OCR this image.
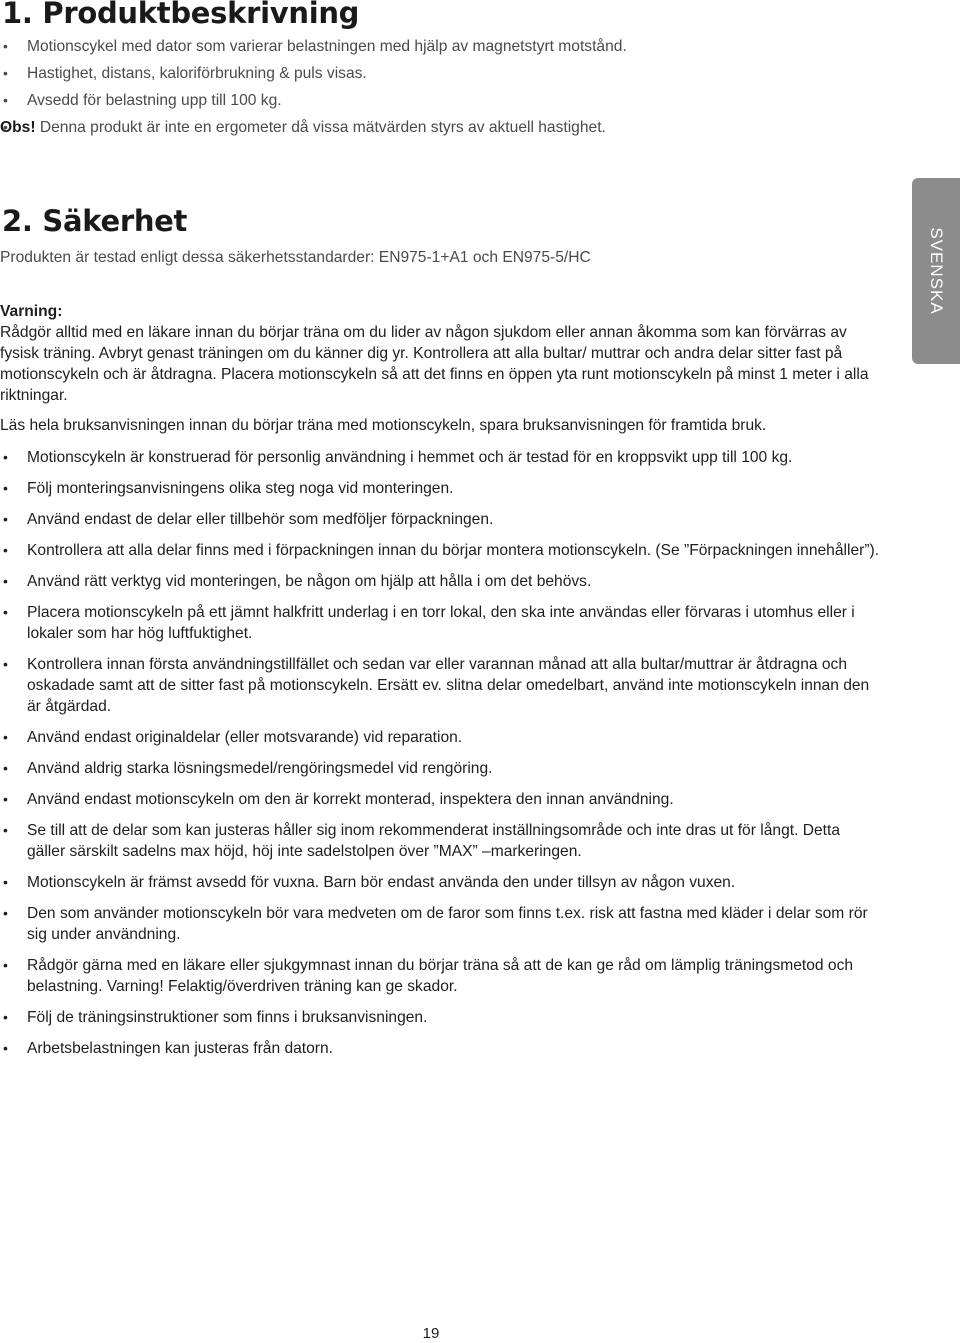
1. Produktbeskrivning
• Motionscykel med dator som varierar belastningen med hjälp av magnetstyrt motstånd.
• Hastighet, distans, kaloriförbrukning & puls visas.
• Avsedd för belastning upp till 100 kg.
• Obs! Denna produkt är inte en ergometer då vissa mätvärden styrs av aktuell hastighet.
2. Säkerhet

Produkten är testad enligt dessa säkerhetsstandarder: EN975-1+A1 och EN975-5/HC

Varning:

Rådgör alltid med en läkare innan du börjar träna om du lider av någon sjukdom eller annan åkomma som kan förvärras av fysisk träning. Avbryt genast träningen om du känner dig yr. Kontrollera att alla bultar/ muttrar och andra delar sitter fast på motionscykeln och är åtdragna. Placera motionscykeln så att det finns en öppen yta runt motionscykeln på minst 1 meter i alla riktningar.

Läs hela bruksanvisningen innan du börjar träna med motionscykeln, spara bruksanvisningen för framtida bruk.

• Motionscykeln är konstruerad för personlig användning i hemmet och är testad för en kroppsvikt upp till 100 kg.
• Följ monteringsanvisningens olika steg noga vid monteringen.
• Använd endast de delar eller tillbehör som medföljer förpackningen.
• Kontrollera att alla delar finns med i förpackningen innan du börjar montera motionscykeln. (Se ”Förpackningen innehåller”).
• Använd rätt verktyg vid monteringen, be någon om hjälp att hålla i om det behövs.
• Placera motionscykeln på ett jämnt halkfritt underlag i en torr lokal, den ska inte användas eller förvaras i utomhus eller i lokaler som har hög luftfuktighet.
• Kontrollera innan första användningstillfället och sedan var eller varannan månad att alla bultar/muttrar är åtdragna och oskadade samt att de sitter fast på motionscykeln. Ersätt ev. slitna delar omedelbart, använd inte motionscykeln innan den är åtgärdad.
• Använd endast originaldelar (eller motsvarande) vid reparation.
• Använd aldrig starka lösningsmedel/rengöringsmedel vid rengöring.
• Använd endast motionscykeln om den är korrekt monterad, inspektera den innan användning.
• Se till att de delar som kan justeras håller sig inom rekommenderat inställningsområde och inte dras ut för långt. Detta gäller särskilt sadelns max höjd, höj inte sadelstolpen över ”MAX” –markeringen.
• Motionscykeln är främst avsedd för vuxna. Barn bör endast använda den under tillsyn av någon vuxen.
• Den som använder motionscykeln bör vara medveten om de faror som finns t.ex. risk att fastna med kläder i delar som rör sig under användning.
• Rådgör gärna med en läkare eller sjukgymnast innan du börjar träna så att de kan ge råd om lämplig träningsmetod och belastning. Varning! Felaktig/överdriven träning kan ge skador.
• Följ de träningsinstruktioner som finns i bruksanvisningen.
• Arbetsbelastningen kan justeras från datorn.
SVENSKA
19
